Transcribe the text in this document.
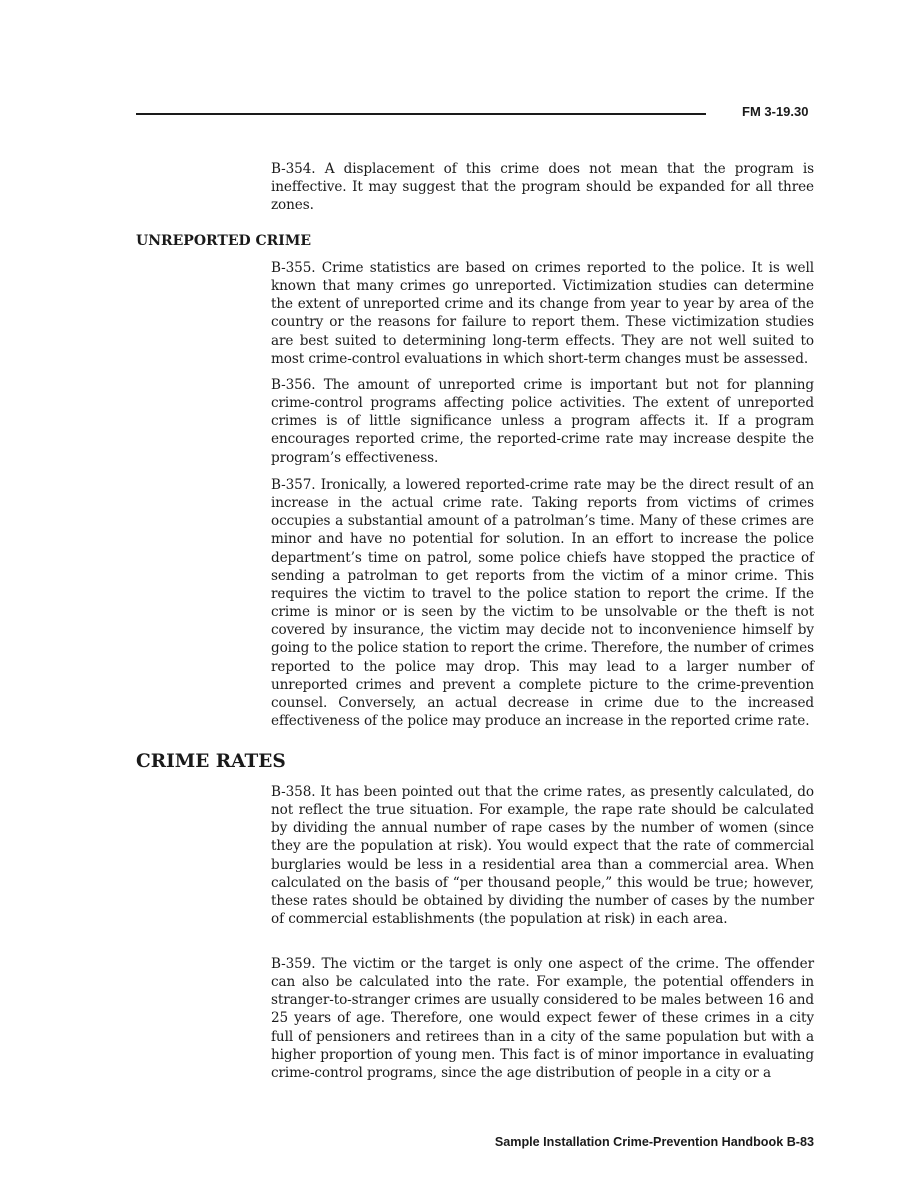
FM 3-19.30

B-354. A displacement of this crime does not mean that the program is ineffective. It may suggest that the program should be expanded for all three zones.

UNREPORTED CRIME

B-355. Crime statistics are based on crimes reported to the police. It is well known that many crimes go unreported. Victimization studies can determine the extent of unreported crime and its change from year to year by area of the country or the reasons for failure to report them. These victimization studies are best suited to determining long-term effects. They are not well suited to most crime-control evaluations in which short-term changes must be assessed.

B-356. The amount of unreported crime is important but not for planning crime-control programs affecting police activities. The extent of unreported crimes is of little significance unless a program affects it. If a program encourages reported crime, the reported-crime rate may increase despite the program’s effectiveness.

B-357. Ironically, a lowered reported-crime rate may be the direct result of an increase in the actual crime rate. Taking reports from victims of crimes occupies a substantial amount of a patrolman’s time. Many of these crimes are minor and have no potential for solution. In an effort to increase the police department’s time on patrol, some police chiefs have stopped the practice of sending a patrolman to get reports from the victim of a minor crime. This requires the victim to travel to the police station to report the crime. If the crime is minor or is seen by the victim to be unsolvable or the theft is not covered by insurance, the victim may decide not to inconvenience himself by going to the police station to report the crime. Therefore, the number of crimes reported to the police may drop. This may lead to a larger number of unreported crimes and prevent a complete picture to the crime-prevention counsel. Conversely, an actual decrease in crime due to the increased effectiveness of the police may produce an increase in the reported crime rate.

CRIME RATES

B-358. It has been pointed out that the crime rates, as presently calculated, do not reflect the true situation. For example, the rape rate should be calculated by dividing the annual number of rape cases by the number of women (since they are the population at risk). You would expect that the rate of commercial burglaries would be less in a residential area than a commercial area. When calculated on the basis of “per thousand people,” this would be true; however, these rates should be obtained by dividing the number of cases by the number of commercial establishments (the population at risk) in each area.

B-359. The victim or the target is only one aspect of the crime. The offender can also be calculated into the rate. For example, the potential offenders in stranger-to-stranger crimes are usually considered to be males between 16 and 25 years of age. Therefore, one would expect fewer of these crimes in a city full of pensioners and retirees than in a city of the same population but with a higher proportion of young men. This fact is of minor importance in evaluating crime-control programs, since the age distribution of people in a city or a

Sample Installation Crime-Prevention Handbook B-83
